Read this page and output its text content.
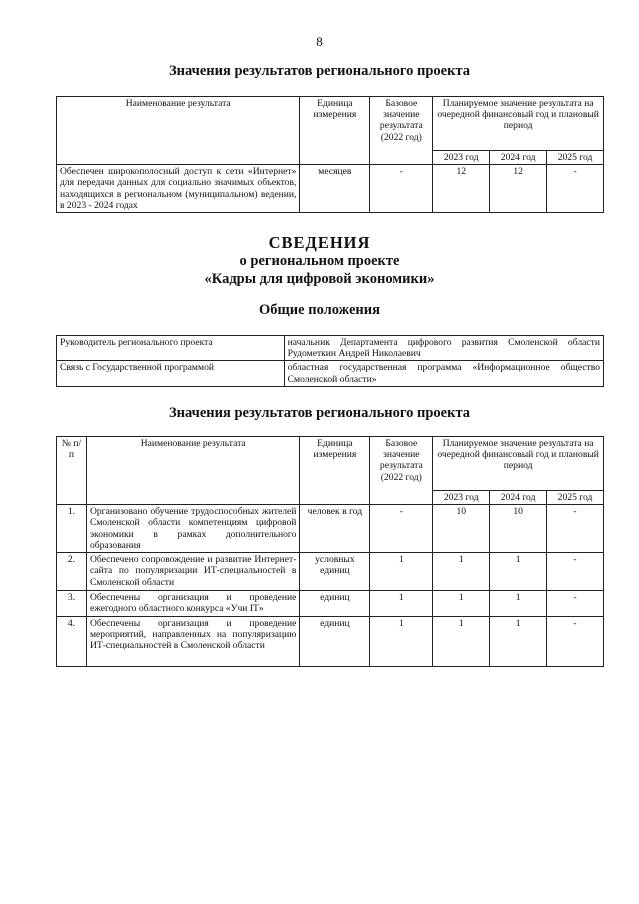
8
Значения результатов регионального проекта
Наименование результата	Единица измерения	Базовое значение результата (2022 год)	Планируемое значение результата на очередной финансовый год и плановый период		
			2023 год	2024 год	2025 год
Обеспечен широкополосный доступ к сети «Интернет» для передачи данных для социально значимых объектов, находящихся в региональном (муниципальном) ведении, в 2023 - 2024 годах	месяцев	-	12	12	-
СВЕДЕНИЯ
о региональном проекте
«Кадры для цифровой экономики»
Общие положения
Руководитель регионального проекта	начальник Департамента цифрового развития Смоленской области Рудометкин Андрей Николаевич
Связь с Государственной программой	областная государственная программа «Информационное общество Смоленской области»
Значения результатов регионального проекта
№ п/п	Наименование результата	Единица измерения	Базовое значение результата (2022 год)	Планируемое значение результата на очередной финансовый год и плановый период		
				2023 год	2024 год	2025 год
1.	Организовано обучение трудоспособных жителей Смоленской области компетенциям цифровой экономики в рамках дополнительного образования	человек в год	-	10	10	-
2.	Обеспечено сопровождение и развитие Интернет-сайта по популяризации ИТ-специальностей в Смоленской области	условных единиц	1	1	1	-
3.	Обеспечены организация и проведение ежегодного областного конкурса «Учи IT»	единиц	1	1	1	-
4.	Обеспечены организация и проведение мероприятий, направленных на популяризацию ИТ-специальностей в Смоленской области	единиц	1	1	1	-
